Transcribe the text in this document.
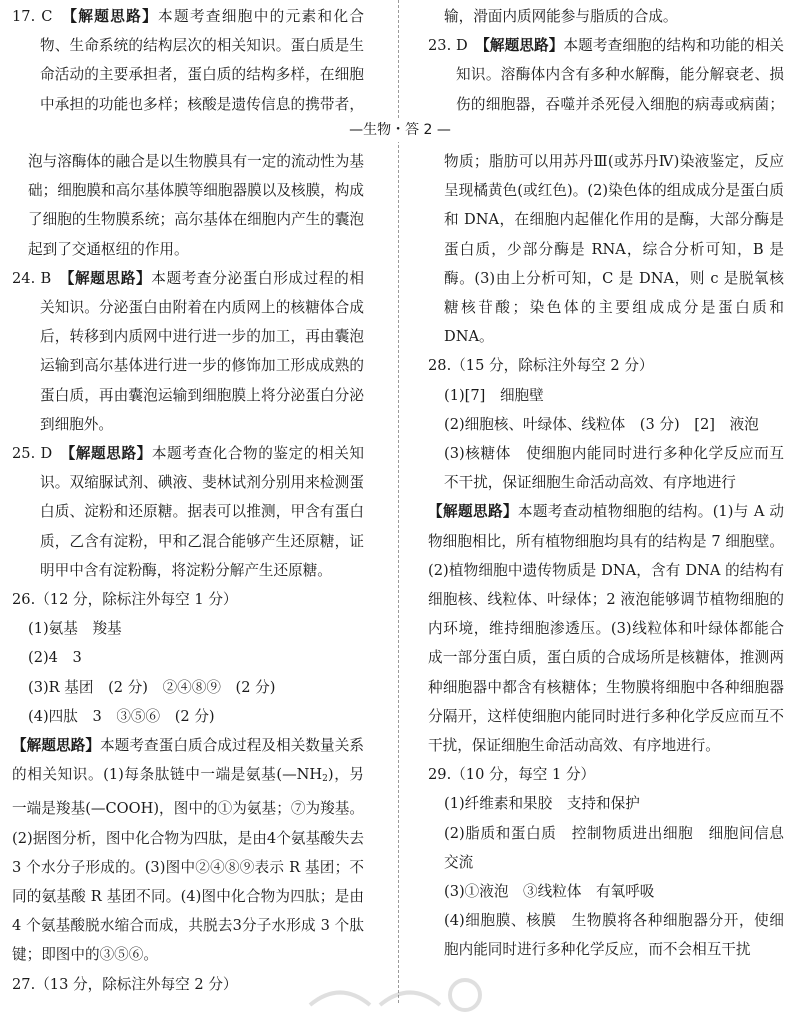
17. C　【解题思路】本题考查细胞中的元素和化合物、生命系统的结构层次的相关知识。蛋白质是生命活动的主要承担者，蛋白质的结构多样，在细胞中承担的功能也多样；核酸是遗传信息的携带者，

输，滑面内质网能参与脂质的合成。

23. D　【解题思路】本题考查细胞的结构和功能的相关知识。溶酶体内含有多种水解酶，能分解衰老、损伤的细胞器，吞噬并杀死侵入细胞的病毒或病菌；

—生物・答 2 —

泡与溶酶体的融合是以生物膜具有一定的流动性为基础；细胞膜和高尔基体膜等细胞器膜以及核膜，构成了细胞的生物膜系统；高尔基体在细胞内产生的囊泡起到了交通枢纽的作用。

24. B　【解题思路】本题考查分泌蛋白形成过程的相关知识。分泌蛋白由附着在内质网上的核糖体合成后，转移到内质网中进行进一步的加工，再由囊泡运输到高尔基体进行进一步的修饰加工形成成熟的蛋白质，再由囊泡运输到细胞膜上将分泌蛋白分泌到细胞外。

25. D　【解题思路】本题考查化合物的鉴定的相关知识。双缩脲试剂、碘液、斐林试剂分别用来检测蛋白质、淀粉和还原糖。据表可以推测，甲含有蛋白质，乙含有淀粉，甲和乙混合能够产生还原糖，证明甲中含有淀粉酶，将淀粉分解产生还原糖。

26.（12 分，除标注外每空 1 分）

(1)氨基　羧基

(2)4　3

(3)R 基团　(2 分)　②④⑧⑨　(2 分)

(4)四肽　3　③⑤⑥　(2 分)

【解题思路】本题考查蛋白质合成过程及相关数量关系的相关知识。(1)每条肽链中一端是氨基$(—NH_2)$，另一端是羧基(—COOH)，图中的①为氨基；⑦为羧基。(2)据图分析，图中化合物为四肽，是由4个氨基酸失去 3 个水分子形成的。(3)图中②④⑧⑨表示 R 基团；不同的氨基酸 R 基团不同。(4)图中化合物为四肽；是由 4 个氨基酸脱水缩合而成，共脱去3分子水形成 3 个肽键；即图中的③⑤⑥。

27.（13 分，除标注外每空 2 分）

物质；脂肪可以用苏丹Ⅲ(或苏丹Ⅳ)染液鉴定，反应呈现橘黄色(或红色)。(2)染色体的组成成分是蛋白质和 DNA，在细胞内起催化作用的是酶，大部分酶是蛋白质，少部分酶是 RNA，综合分析可知，B 是酶。(3)由上分析可知，C 是 DNA，则 c 是脱氧核糖核苷酸；染色体的主要组成成分是蛋白质和 DNA。

28.（15 分，除标注外每空 2 分）

(1)[7]　细胞壁

(2)细胞核、叶绿体、线粒体　(3 分)　[2]　液泡

(3)核糖体　使细胞内能同时进行多种化学反应而互不干扰，保证细胞生命活动高效、有序地进行

【解题思路】本题考查动植物细胞的结构。(1)与 A 动物细胞相比，所有植物细胞均具有的结构是 7 细胞壁。(2)植物细胞中遗传物质是 DNA，含有 DNA 的结构有细胞核、线粒体、叶绿体；2 液泡能够调节植物细胞的内环境，维持细胞渗透压。(3)线粒体和叶绿体都能合成一部分蛋白质，蛋白质的合成场所是核糖体，推测两种细胞器中都含有核糖体；生物膜将细胞中各种细胞器分隔开，这样使细胞内能同时进行多种化学反应而互不干扰，保证细胞生命活动高效、有序地进行。

29.（10 分，每空 1 分）

(1)纤维素和果胶　支持和保护

(2)脂质和蛋白质　控制物质进出细胞　细胞间信息交流

(3)①液泡　③线粒体　有氧呼吸

(4)细胞膜、核膜　生物膜将各种细胞器分开，使细胞内能同时进行多种化学反应，而不会相互干扰
